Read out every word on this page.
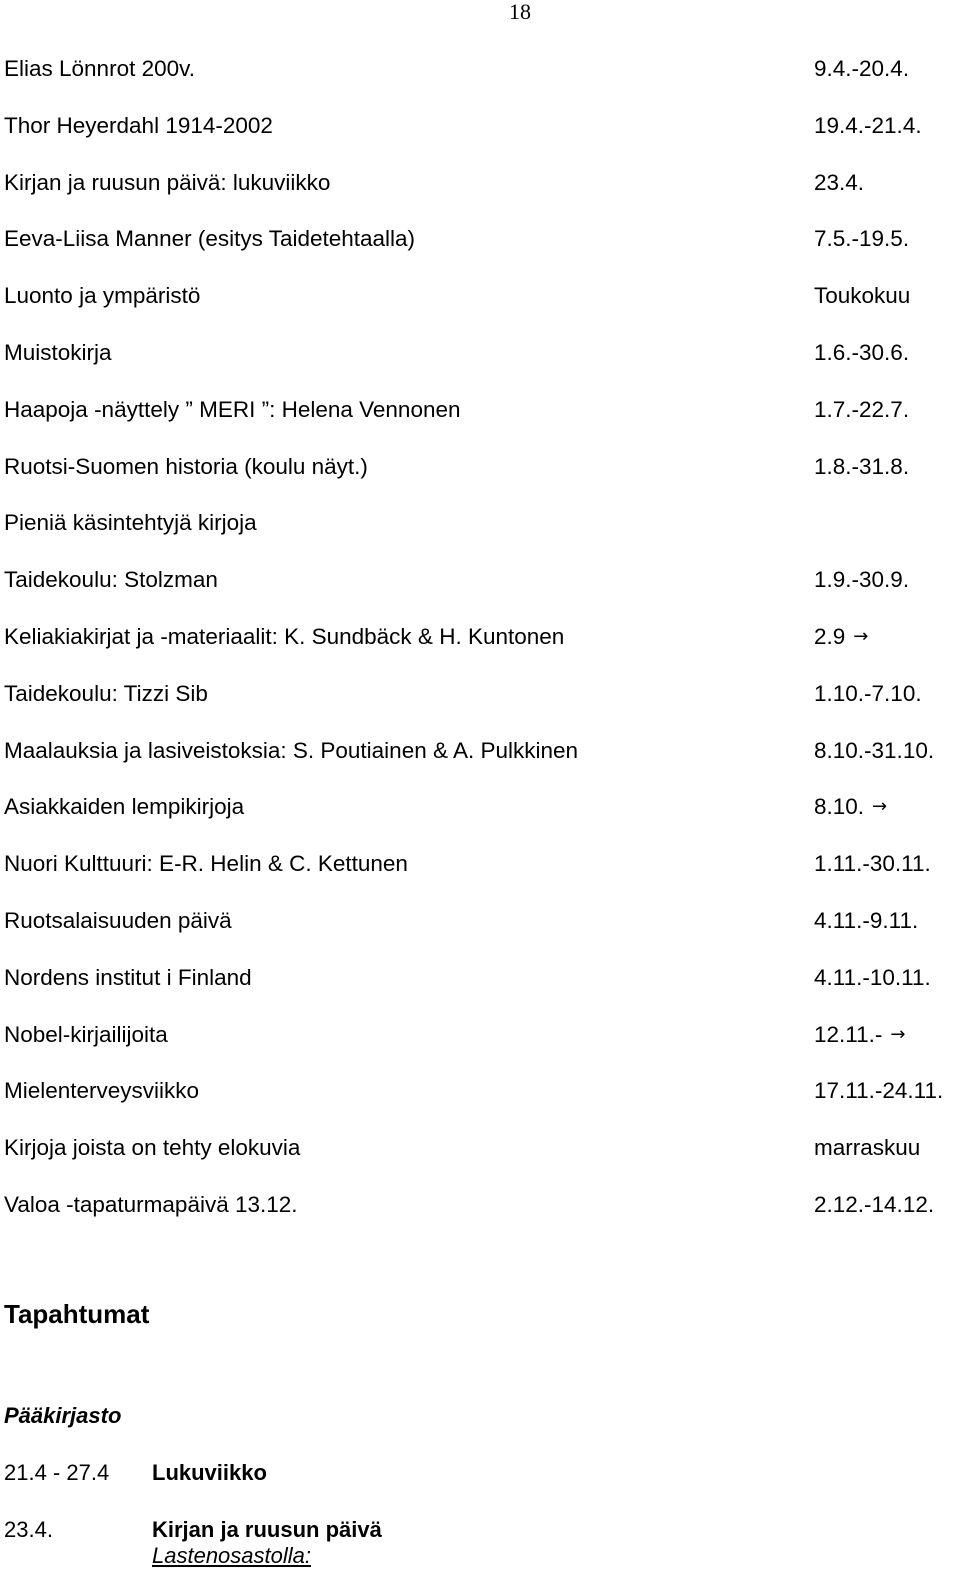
18
Elias Lönnrot 200v.	9.4.-20.4.
Thor Heyerdahl 1914-2002	19.4.-21.4.
Kirjan ja ruusun päivä: lukuviikko	23.4.
Eeva-Liisa Manner (esitys Taidetehtaalla)	7.5.-19.5.
Luonto ja ympäristö	Toukokuu
Muistokirja	1.6.-30.6.
Haapoja -näyttely ” MERI ”: Helena Vennonen	1.7.-22.7.
Ruotsi-Suomen historia (koulu näyt.)	1.8.-31.8.
Pieniä käsintehtyjä kirjoja
Taidekoulu: Stolzman	1.9.-30.9.
Keliakiakirjat ja -materiaalit: K. Sundbäck & H. Kuntonen	2.9 →
Taidekoulu: Tizzi Sib	1.10.-7.10.
Maalauksia ja lasiveistoksia: S. Poutiainen & A. Pulkkinen	8.10.-31.10.
Asiakkaiden lempikirjoja	8.10. →
Nuori Kulttuuri: E-R. Helin & C. Kettunen	1.11.-30.11.
Ruotsalaisuuden päivä	4.11.-9.11.
Nordens institut i Finland	4.11.-10.11.
Nobel-kirjailijoita	12.11.- →
Mielenterveysviikko	17.11.-24.11.
Kirjoja joista on tehty elokuvia	marraskuu
Valoa -tapaturmapäivä 13.12.	2.12.-14.12.
Tapahtumat
Pääkirjasto
21.4 - 27.4 Lukuviikko
23.4.	Kirjan ja ruusun päivä
Lastenosastolla:
